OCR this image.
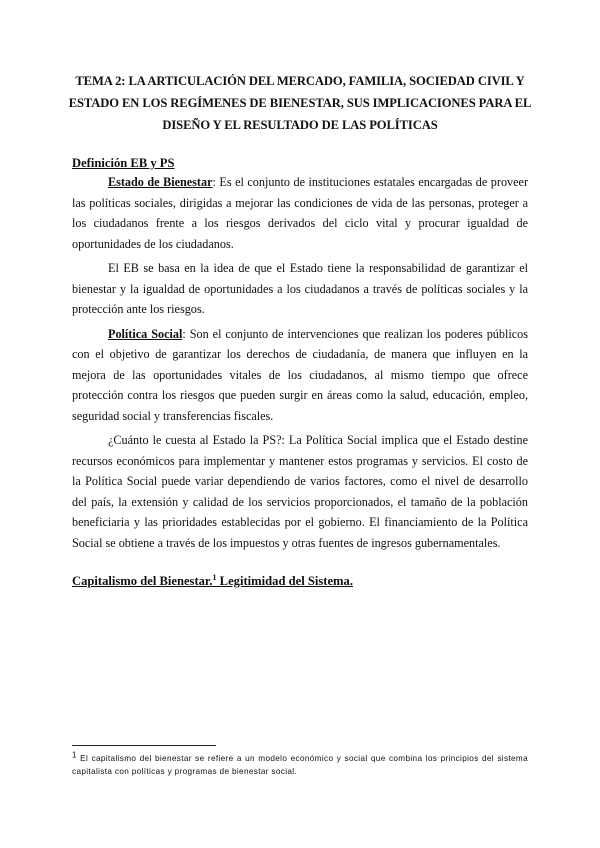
TEMA 2: LA ARTICULACIÓN DEL MERCADO, FAMILIA, SOCIEDAD CIVIL Y ESTADO EN LOS REGÍMENES DE BIENESTAR, SUS IMPLICACIONES PARA EL DISEÑO Y EL RESULTADO DE LAS POLÍTICAS
Definición EB y PS

Estado de Bienestar: Es el conjunto de instituciones estatales encargadas de proveer las políticas sociales, dirigidas a mejorar las condiciones de vida de las personas, proteger a los ciudadanos frente a los riesgos derivados del ciclo vital y procurar igualdad de oportunidades de los ciudadanos.

El EB se basa en la idea de que el Estado tiene la responsabilidad de garantizar el bienestar y la igualdad de oportunidades a los ciudadanos a través de políticas sociales y la protección ante los riesgos.

Política Social: Son el conjunto de intervenciones que realizan los poderes públicos con el objetivo de garantizar los derechos de ciudadanía, de manera que influyen en la mejora de las oportunidades vitales de los ciudadanos, al mismo tiempo que ofrece protección contra los riesgos que pueden surgir en áreas como la salud, educación, empleo, seguridad social y transferencias fiscales.

¿Cuánto le cuesta al Estado la PS?: La Política Social implica que el Estado destine recursos económicos para implementar y mantener estos programas y servicios. El costo de la Política Social puede variar dependiendo de varios factores, como el nivel de desarrollo del país, la extensión y calidad de los servicios proporcionados, el tamaño de la población beneficiaria y las prioridades establecidas por el gobierno. El financiamiento de la Política Social se obtiene a través de los impuestos y otras fuentes de ingresos gubernamentales.

Capitalismo del Bienestar.$^1$ Legitimidad del Sistema.
$^1$ El capitalismo del bienestar se refiere a un modelo económico y social que combina los principios del sistema capitalista con políticas y programas de bienestar social.
